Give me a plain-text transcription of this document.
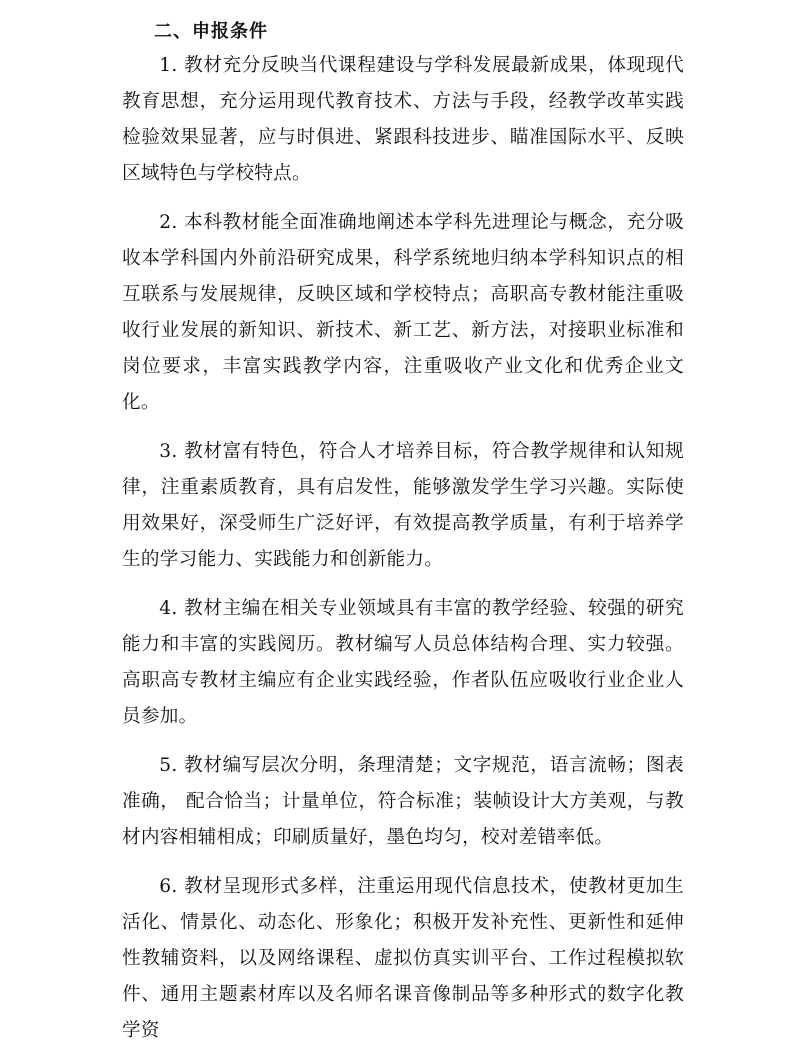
二、申报条件

1. 教材充分反映当代课程建设与学科发展最新成果，体现现代教育思想，充分运用现代教育技术、方法与手段，经教学改革实践检验效果显著，应与时俱进、紧跟科技进步、瞄准国际水平、反映区域特色与学校特点。

2. 本科教材能全面准确地阐述本学科先进理论与概念，充分吸收本学科国内外前沿研究成果，科学系统地归纳本学科知识点的相互联系与发展规律，反映区域和学校特点；高职高专教材能注重吸收行业发展的新知识、新技术、新工艺、新方法，对接职业标准和岗位要求，丰富实践教学内容，注重吸收产业文化和优秀企业文化。

3. 教材富有特色，符合人才培养目标，符合教学规律和认知规律，注重素质教育，具有启发性，能够激发学生学习兴趣。实际使用效果好，深受师生广泛好评，有效提高教学质量，有利于培养学生的学习能力、实践能力和创新能力。

4. 教材主编在相关专业领域具有丰富的教学经验、较强的研究能力和丰富的实践阅历。教材编写人员总体结构合理、实力较强。高职高专教材主编应有企业实践经验，作者队伍应吸收行业企业人员参加。

5. 教材编写层次分明，条理清楚；文字规范，语言流畅；图表准确， 配合恰当；计量单位，符合标准；装帧设计大方美观，与教材内容相辅相成；印刷质量好，墨色均匀，校对差错率低。

6. 教材呈现形式多样，注重运用现代信息技术，使教材更加生活化、情景化、动态化、形象化；积极开发补充性、更新性和延伸性教辅资料，以及网络课程、虚拟仿真实训平台、工作过程模拟软件、通用主题素材库以及名师名课音像制品等多种形式的数字化教学资
